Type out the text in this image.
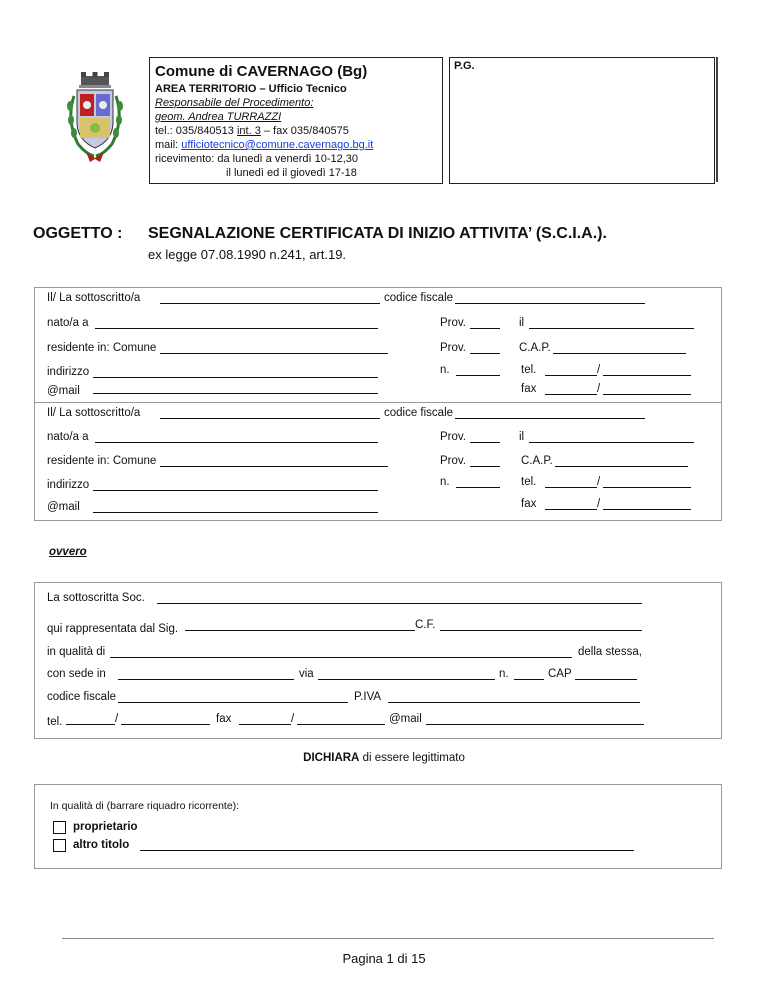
Comune di CAVERNAGO (Bg)
AREA TERRITORIO – Ufficio Tecnico
Responsabile del Procedimento:
geom. Andrea TURRAZZI
tel.: 035/840513 int. 3 – fax 035/840575
mail: ufficiotecnico@comune.cavernago.bg.it
ricevimento: da lunedì a venerdì 10-12,30
il lunedì ed il giovedì 17-18
P.G.
OGGETTO : SEGNALAZIONE CERTIFICATA DI INIZIO ATTIVITA’ (S.C.I.A.).
ex legge 07.08.1990 n.241, art.19.
Il/ La sottoscritto/a	codice fiscale
nato/a a	Prov.	il
residente in: Comune	Prov.	C.A.P.
indirizzo	n.	tel.	/
@mail	fax	/
Il/ La sottoscritto/a	codice fiscale
nato/a a	Prov.	il
residente in: Comune	Prov.	C.A.P.
indirizzo	n.	tel.	/
@mail	fax	/
ovvero
La sottoscritta Soc.
qui rappresentata dal Sig.	C.F.
in qualità di	della stessa,
con sede in	via	n.	CAP
codice fiscale	P.IVA
tel.	/	fax	/	@mail
DICHIARA di essere legittimato
In qualità di (barrare riquadro ricorrente):
proprietario
altro titolo
Pagina 1 di 15
